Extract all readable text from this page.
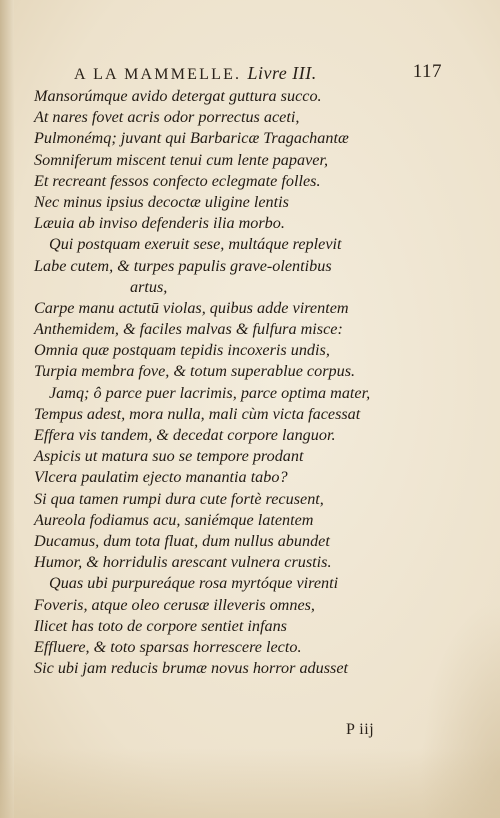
A LA MAMMELLE. Livre III.	117
Mansorúmque avido detergat guttura succo.
At nares fovet acris odor porrectus aceti,
Pulmonémq; juvant qui Barbaricæ Tragachantæ
Somniferum miscent tenui cum lente papaver,
Et recreant fessos confecto eclegmate folles.
Nec minus ipsius decoctæ uligine lentis
Læuia ab inviso defenderis ilia morbo.
Qui postquam exeruit sese, multáque replevit
Labe cutem, & turpes papulis grave-olentibus
artus,
Carpe manu actutū violas, quibus adde virentem
Anthemidem, & faciles malvas & fulfura misce:
Omnia quæ postquam tepidis incoxeris undis,
Turpia membra fove, & totum superablue corpus.
Jamq; ô parce puer lacrimis, parce optima mater,
Tempus adest, mora nulla, mali cùm victa facessat
Effera vis tandem, & decedat corpore languor.
Aspicis ut matura suo se tempore prodant
Vlcera paulatim ejecto manantia tabo?
Si qua tamen rumpi dura cute fortè recusent,
Aureola fodiamus acu, saniémque latentem
Ducamus, dum tota fluat, dum nullus abundet
Humor, & horridulis arescant vulnera crustis.
Quas ubi purpureáque rosa myrtóque virenti
Foveris, atque oleo cerusæ illeveris omnes,
Ilicet has toto de corpore sentiet infans
Effluere, & toto sparsas horrescere lecto.
Sic ubi jam reducis brumæ novus horror adusset
P iij
